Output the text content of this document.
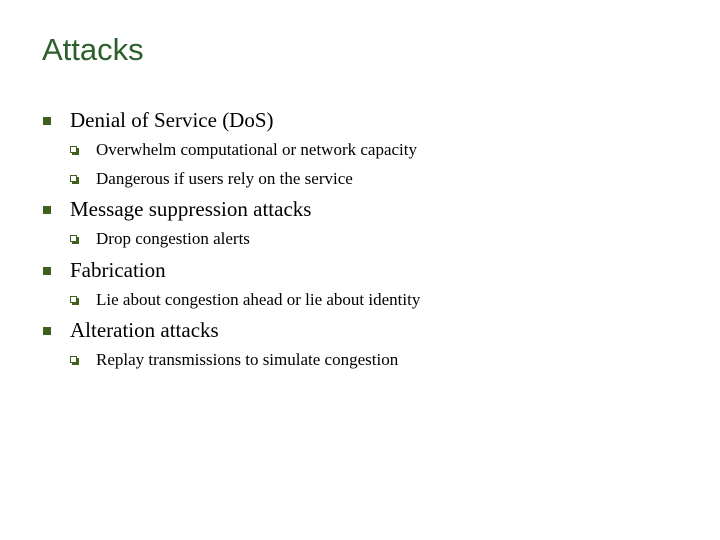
Attacks
Denial of Service (DoS)
Overwhelm computational or network capacity
Dangerous if users rely on the service
Message suppression attacks
Drop congestion alerts
Fabrication
Lie about congestion ahead or lie about identity
Alteration attacks
Replay transmissions to simulate congestion
